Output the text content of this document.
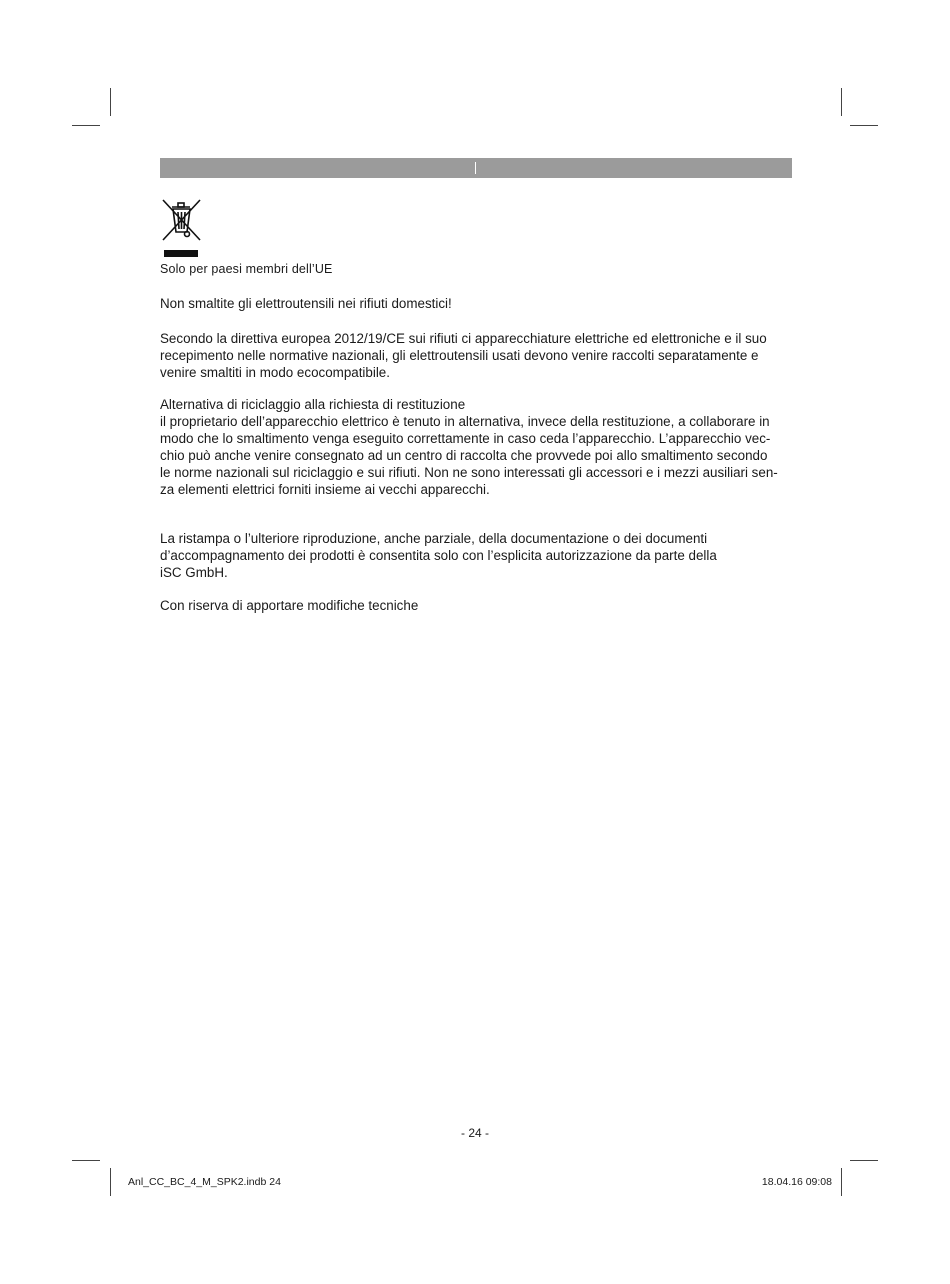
Solo per paesi membri dell’UE
Non smaltite gli elettroutensili nei rifiuti domestici!
Secondo la direttiva europea 2012/19/CE sui rifiuti ci apparecchiature elettriche ed elettroniche e il suo
recepimento nelle normative nazionali, gli elettroutensili usati devono venire raccolti separatamente e
venire smaltiti in modo ecocompatibile.
Alternativa di riciclaggio alla richiesta di restituzione
il proprietario dell’apparecchio elettrico è tenuto in alternativa, invece della restituzione, a collaborare in
modo che lo smaltimento venga eseguito correttamente in caso ceda l’apparecchio. L’apparecchio vec-
chio può anche venire consegnato ad un centro di raccolta che provvede poi allo smaltimento secondo
le norme nazionali sul riciclaggio e sui rifiuti. Non ne sono interessati gli accessori e i mezzi ausiliari sen-
za elementi elettrici forniti insieme ai vecchi apparecchi.
La ristampa o l’ulteriore riproduzione, anche parziale, della documentazione o dei documenti
d’accompagnamento dei prodotti è consentita solo con l’esplicita autorizzazione da parte della
iSC GmbH.
Con riserva di apportare modifiche tecniche
- 24 -
Anl_CC_BC_4_M_SPK2.indb 24	18.04.16 09:08
